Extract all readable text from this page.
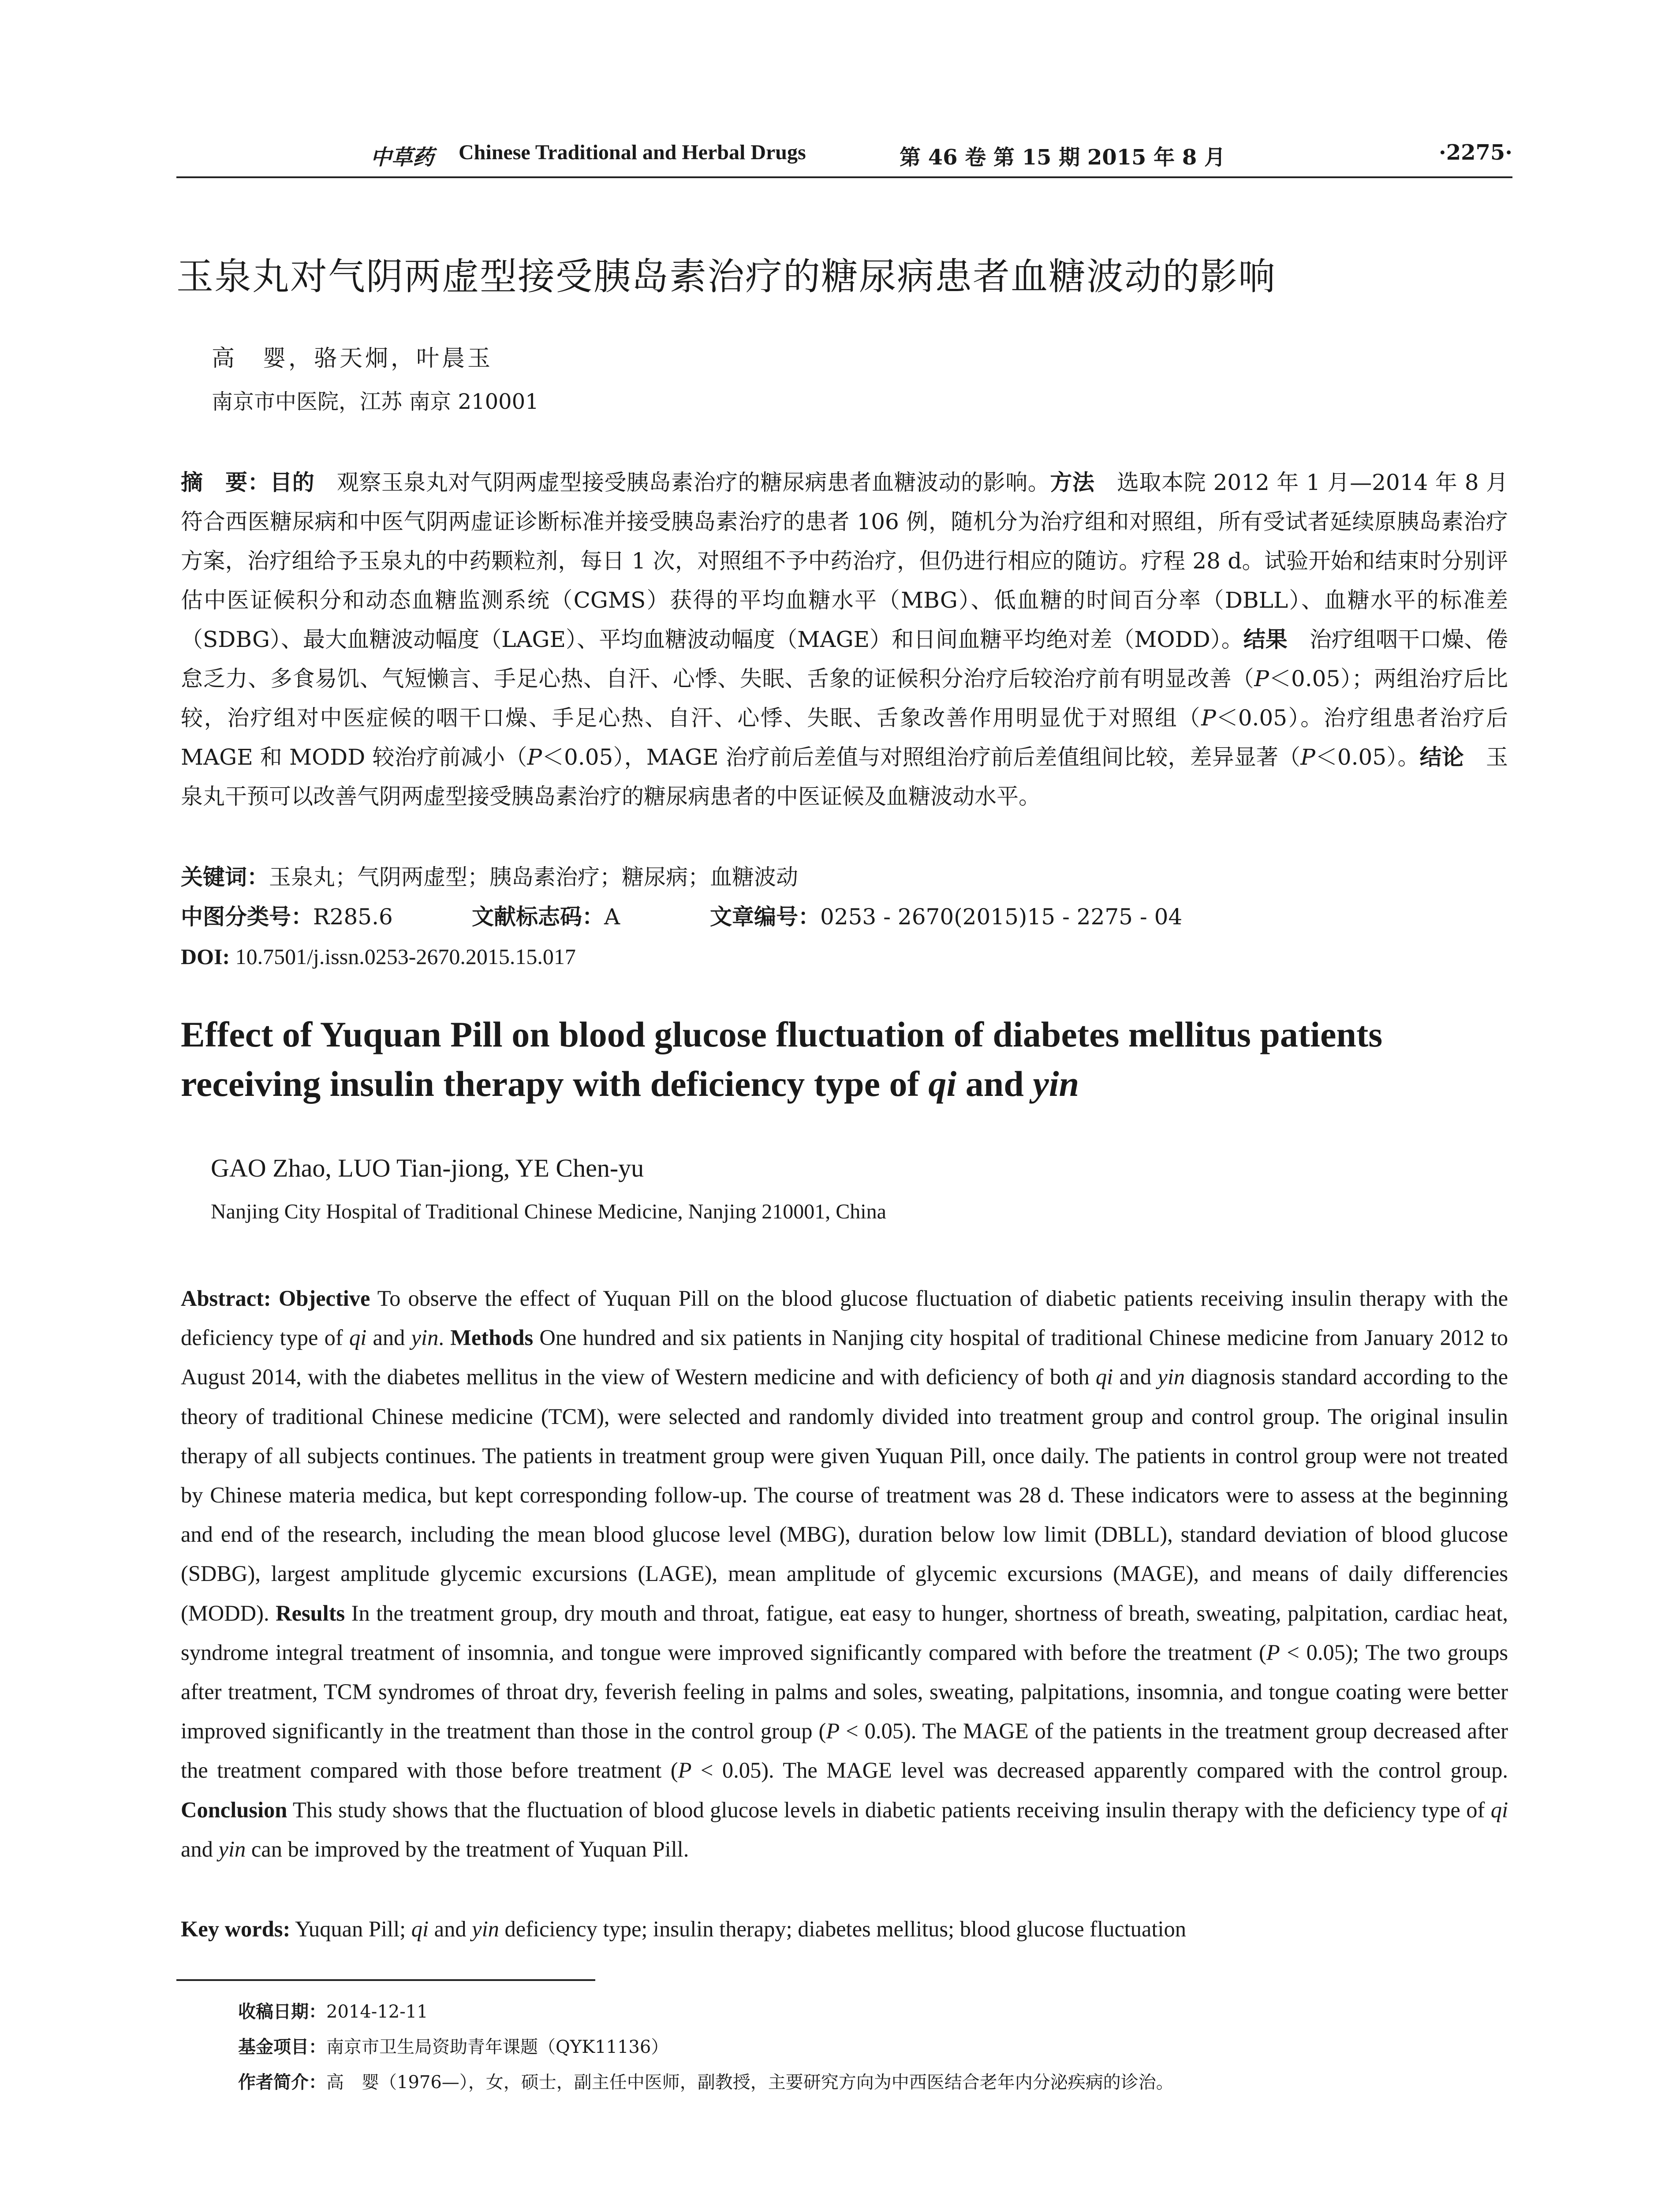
中草药 Chinese Traditional and Herbal Drugs	第 46 卷 第 15 期 2015 年 8 月	·2275·
玉泉丸对气阴两虚型接受胰岛素治疗的糖尿病患者血糖波动的影响
高　婴，骆天炯，叶晨玉
南京市中医院，江苏 南京 210001
摘　要：目的　观察玉泉丸对气阴两虚型接受胰岛素治疗的糖尿病患者血糖波动的影响。方法　选取本院 2012 年 1 月—2014 年 8 月符合西医糖尿病和中医气阴两虚证诊断标准并接受胰岛素治疗的患者 106 例，随机分为治疗组和对照组，所有受试者延续原胰岛素治疗方案，治疗组给予玉泉丸的中药颗粒剂，每日 1 次，对照组不予中药治疗，但仍进行相应的随访。疗程 28 d。试验开始和结束时分别评估中医证候积分和动态血糖监测系统（CGMS）获得的平均血糖水平（MBG）、低血糖的时间百分率（DBLL）、血糖水平的标准差（SDBG）、最大血糖波动幅度（LAGE）、平均血糖波动幅度（MAGE）和日间血糖平均绝对差（MODD）。结果　治疗组咽干口燥、倦怠乏力、多食易饥、气短懒言、手足心热、自汗、心悸、失眠、舌象的证候积分治疗后较治疗前有明显改善（P＜0.05）；两组治疗后比较，治疗组对中医症候的咽干口燥、手足心热、自汗、心悸、失眠、舌象改善作用明显优于对照组（P＜0.05）。治疗组患者治疗后 MAGE 和 MODD 较治疗前减小（P＜0.05），MAGE 治疗前后差值与对照组治疗前后差值组间比较，差异显著（P＜0.05）。结论　玉泉丸干预可以改善气阴两虚型接受胰岛素治疗的糖尿病患者的中医证候及血糖波动水平。
关键词：玉泉丸；气阴两虚型；胰岛素治疗；糖尿病；血糖波动
中图分类号：R285.6	文献标志码：A	文章编号：0253 - 2670(2015)15 - 2275 - 04
DOI: 10.7501/j.issn.0253-2670.2015.15.017
Effect of Yuquan Pill on blood glucose fluctuation of diabetes mellitus patients receiving insulin therapy with deficiency type of qi and yin
GAO Zhao, LUO Tian-jiong, YE Chen-yu
Nanjing City Hospital of Traditional Chinese Medicine, Nanjing 210001, China
Abstract: Objective To observe the effect of Yuquan Pill on the blood glucose fluctuation of diabetic patients receiving insulin therapy with the deficiency type of qi and yin. Methods One hundred and six patients in Nanjing city hospital of traditional Chinese medicine from January 2012 to August 2014, with the diabetes mellitus in the view of Western medicine and with deficiency of both qi and yin diagnosis standard according to the theory of traditional Chinese medicine (TCM), were selected and randomly divided into treatment group and control group. The original insulin therapy of all subjects continues. The patients in treatment group were given Yuquan Pill, once daily. The patients in control group were not treated by Chinese materia medica, but kept corresponding follow-up. The course of treatment was 28 d. These indicators were to assess at the beginning and end of the research, including the mean blood glucose level (MBG), duration below low limit (DBLL), standard deviation of blood glucose (SDBG), largest amplitude glycemic excursions (LAGE), mean amplitude of glycemic excursions (MAGE), and means of daily differencies (MODD). Results In the treatment group, dry mouth and throat, fatigue, eat easy to hunger, shortness of breath, sweating, palpitation, cardiac heat, syndrome integral treatment of insomnia, and tongue were improved significantly compared with before the treatment (P < 0.05); The two groups after treatment, TCM syndromes of throat dry, feverish feeling in palms and soles, sweating, palpitations, insomnia, and tongue coating were better improved significantly in the treatment than those in the control group (P < 0.05). The MAGE of the patients in the treatment group decreased after the treatment compared with those before treatment (P < 0.05). The MAGE level was decreased apparently compared with the control group. Conclusion This study shows that the fluctuation of blood glucose levels in diabetic patients receiving insulin therapy with the deficiency type of qi and yin can be improved by the treatment of Yuquan Pill.
Key words: Yuquan Pill; qi and yin deficiency type; insulin therapy; diabetes mellitus; blood glucose fluctuation
收稿日期：2014-12-11
基金项目：南京市卫生局资助青年课题（QYK11136）
作者简介：高　婴（1976—），女，硕士，副主任中医师，副教授，主要研究方向为中西医结合老年内分泌疾病的诊治。
